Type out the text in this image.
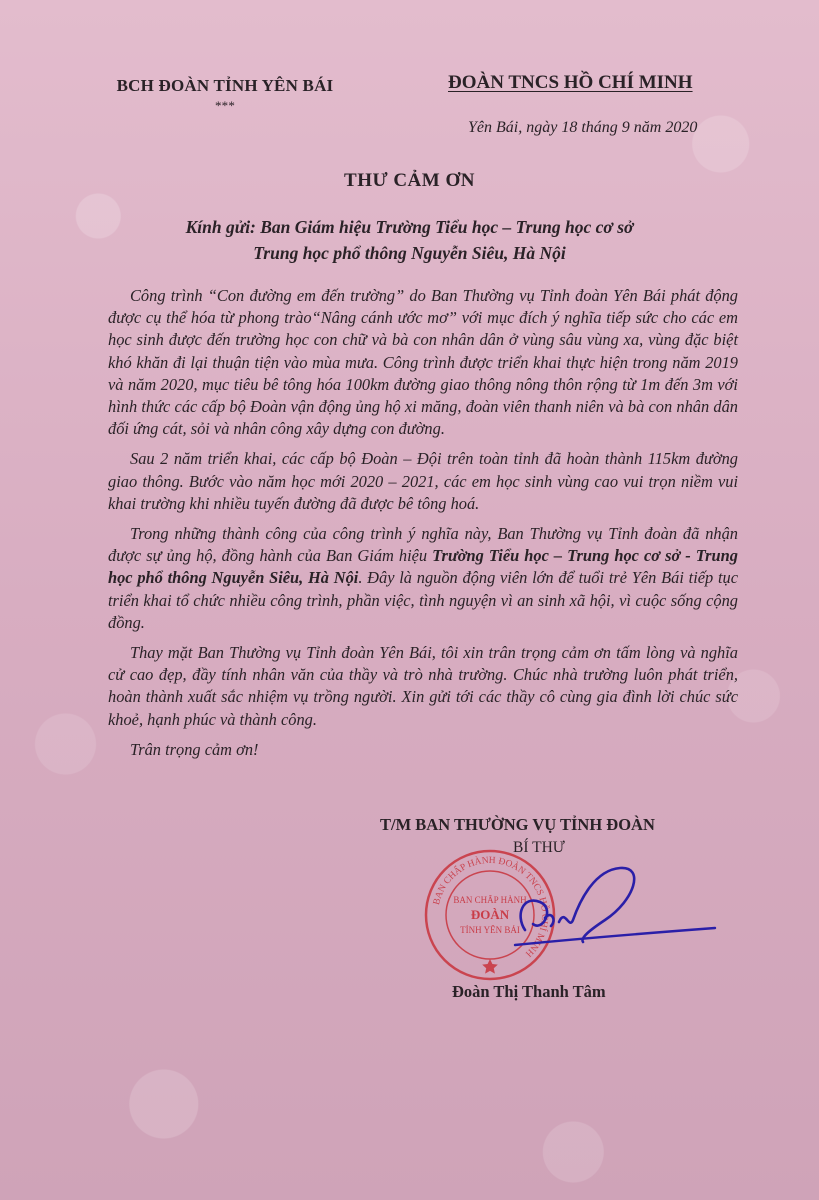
BCH ĐOÀN TỈNH YÊN BÁI
***
ĐOÀN TNCS HỒ CHÍ MINH
Yên Bái, ngày 18 tháng 9 năm 2020
THƯ CẢM ƠN
Kính gửi: Ban Giám hiệu Trường Tiểu học – Trung học cơ sở
Trung học phổ thông Nguyễn Siêu, Hà Nội

Công trình “Con đường em đến trường” do Ban Thường vụ Tỉnh đoàn Yên Bái phát động được cụ thể hóa từ phong trào“Nâng cánh ước mơ” với mục đích ý nghĩa tiếp sức cho các em học sinh được đến trường học con chữ và bà con nhân dân ở vùng sâu vùng xa, vùng đặc biệt khó khăn đi lại thuận tiện vào mùa mưa. Công trình được triển khai thực hiện trong năm 2019 và năm 2020, mục tiêu bê tông hóa 100km đường giao thông nông thôn rộng từ 1m đến 3m với hình thức các cấp bộ Đoàn vận động ủng hộ xi măng, đoàn viên thanh niên và bà con nhân dân đối ứng cát, sỏi và nhân công xây dựng con đường.

Sau 2 năm triển khai, các cấp bộ Đoàn – Đội trên toàn tỉnh đã hoàn thành 115km đường giao thông. Bước vào năm học mới 2020 – 2021, các em học sinh vùng cao vui trọn niềm vui khai trường khi nhiều tuyến đường đã được bê tông hoá.

Trong những thành công của công trình ý nghĩa này, Ban Thường vụ Tỉnh đoàn đã nhận được sự ủng hộ, đồng hành của Ban Giám hiệu Trường Tiểu học – Trung học cơ sở - Trung học phổ thông Nguyễn Siêu, Hà Nội. Đây là nguồn động viên lớn để tuổi trẻ Yên Bái tiếp tục triển khai tổ chức nhiều công trình, phần việc, tình nguyện vì an sinh xã hội, vì cuộc sống cộng đồng.

Thay mặt Ban Thường vụ Tỉnh đoàn Yên Bái, tôi xin trân trọng cảm ơn tấm lòng và nghĩa cử cao đẹp, đầy tính nhân văn của thầy và trò nhà trường. Chúc nhà trường luôn phát triển, hoàn thành xuất sắc nhiệm vụ trồng người. Xin gửi tới các thầy cô cùng gia đình lời chúc sức khoẻ, hạnh phúc và thành công.

Trân trọng cảm ơn!

T/M BAN THƯỜNG VỤ TỈNH ĐOÀN
BÍ THƯ
BAN CHẤP HÀNH ĐOÀN TNCS HỒ CHÍ MINH
BAN CHẤP HÀNH
ĐOÀN
TỈNH YÊN BÁI
Đoàn Thị Thanh Tâm
